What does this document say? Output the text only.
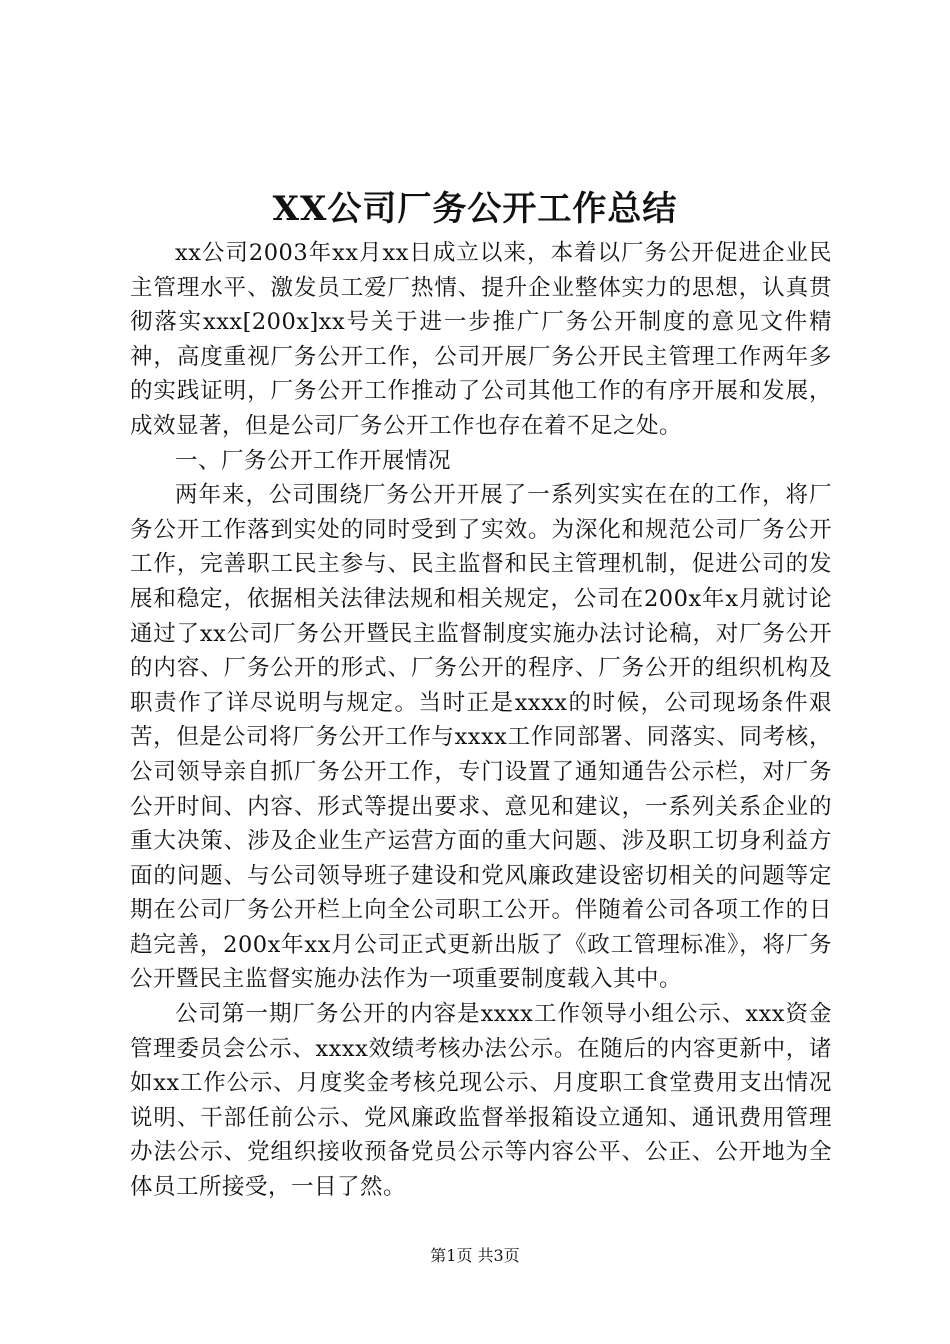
XX公司厂务公开工作总结

xx公司2003年xx月xx日成立以来，本着以厂务公开促进企业民主管理水平、激发员工爱厂热情、提升企业整体实力的思想，认真贯彻落实xxx[200x]xx号关于进一步推广厂务公开制度的意见文件精神，高度重视厂务公开工作，公司开展厂务公开民主管理工作两年多的实践证明，厂务公开工作推动了公司其他工作的有序开展和发展，成效显著，但是公司厂务公开工作也存在着不足之处。

一、厂务公开工作开展情况

两年来，公司围绕厂务公开开展了一系列实实在在的工作，将厂务公开工作落到实处的同时受到了实效。为深化和规范公司厂务公开工作，完善职工民主参与、民主监督和民主管理机制，促进公司的发展和稳定，依据相关法律法规和相关规定，公司在200x年x月就讨论通过了xx公司厂务公开暨民主监督制度实施办法讨论稿，对厂务公开的内容、厂务公开的形式、厂务公开的程序、厂务公开的组织机构及职责作了详尽说明与规定。当时正是xxxx的时候，公司现场条件艰苦，但是公司将厂务公开工作与xxxx工作同部署、同落实、同考核，公司领导亲自抓厂务公开工作，专门设置了通知通告公示栏，对厂务公开时间、内容、形式等提出要求、意见和建议，一系列关系企业的重大决策、涉及企业生产运营方面的重大问题、涉及职工切身利益方面的问题、与公司领导班子建设和党风廉政建设密切相关的问题等定期在公司厂务公开栏上向全公司职工公开。伴随着公司各项工作的日趋完善，200x年xx月公司正式更新出版了《政工管理标准》，将厂务公开暨民主监督实施办法作为一项重要制度载入其中。

公司第一期厂务公开的内容是xxxx工作领导小组公示、xxx资金管理委员会公示、xxxx效绩考核办法公示。在随后的内容更新中，诸如xx工作公示、月度奖金考核兑现公示、月度职工食堂费用支出情况说明、干部任前公示、党风廉政监督举报箱设立通知、通讯费用管理办法公示、党组织接收预备党员公示等内容公平、公正、公开地为全体员工所接受，一目了然。

第1页 共3页
